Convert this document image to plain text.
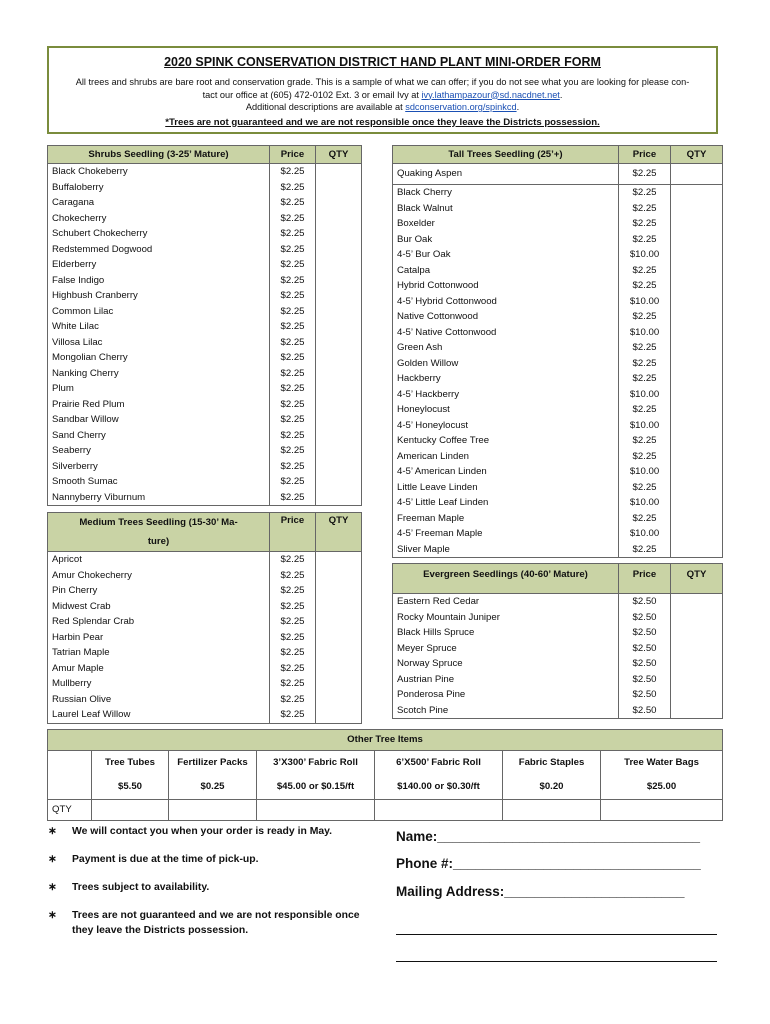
2020 SPINK CONSERVATION DISTRICT HAND PLANT MINI-ORDER FORM
All trees and shrubs are bare root and conservation grade. This is a sample of what we can offer; if you do not see what you are looking for please con-
tact our office at (605) 472-0102 Ext. 3 or email Ivy at ivy.lathampazour@sd.nacdnet.net.
Additional descriptions are available at sdconservation.org/spinkcd.
*Trees are not guaranteed and we are not responsible once they leave the Districts possession.
Shrubs Seedling (3-25’ Mature)	Price	QTY
Black Chokeberry	$2.25	
Buffaloberry	$2.25	
Caragana	$2.25	
Chokecherry	$2.25	
Schubert Chokecherry	$2.25	
Redstemmed Dogwood	$2.25	
Elderberry	$2.25	
False Indigo	$2.25	
Highbush Cranberry	$2.25	
Common Lilac	$2.25	
White Lilac	$2.25	
Villosa Lilac	$2.25	
Mongolian Cherry	$2.25	
Nanking Cherry	$2.25	
Plum	$2.25	
Prairie Red Plum	$2.25	
Sandbar Willow	$2.25	
Sand Cherry	$2.25	
Seaberry	$2.25	
Silverberry	$2.25	
Smooth Sumac	$2.25	
Nannyberry Viburnum	$2.25	
Medium Trees Seedling (15-30’ Ma-
ture)	Price	QTY
Apricot	$2.25	
Amur Chokecherry	$2.25	
Pin Cherry	$2.25	
Midwest Crab	$2.25	
Red Splendar Crab	$2.25	
Harbin Pear	$2.25	
Tatrian Maple	$2.25	
Amur Maple	$2.25	
Mullberry	$2.25	
Russian Olive	$2.25	
Laurel Leaf Willow	$2.25	
Tall Trees Seedling (25’+)	Price	QTY
Quaking Aspen	$2.25	
Black Cherry	$2.25	
Black Walnut	$2.25	
Boxelder	$2.25	
Bur Oak	$2.25	
4-5’ Bur Oak	$10.00	
Catalpa	$2.25	
Hybrid Cottonwood	$2.25	
4-5’ Hybrid Cottonwood	$10.00	
Native Cottonwood	$2.25	
4-5’ Native Cottonwood	$10.00	
Green Ash	$2.25	
Golden Willow	$2.25	
Hackberry	$2.25	
4-5’ Hackberry	$10.00	
Honeylocust	$2.25	
4-5’ Honeylocust	$10.00	
Kentucky Coffee Tree	$2.25	
American Linden	$2.25	
4-5’ American Linden	$10.00	
Little Leave Linden	$2.25	
4-5’ Little Leaf Linden	$10.00	
Freeman Maple	$2.25	
4-5’ Freeman Maple	$10.00	
Sliver Maple	$2.25	
Evergreen Seedlings (40-60’ Mature)	Price	QTY
Eastern Red Cedar	$2.50	
Rocky Mountain Juniper	$2.50	
Black Hills Spruce	$2.50	
Meyer Spruce	$2.50	
Norway Spruce	$2.50	
Austrian Pine	$2.50	
Ponderosa Pine	$2.50	
Scotch Pine	$2.50	
Other Tree Items						
	Tree Tubes	Fertilizer Packs	3’X300’ Fabric Roll	6’X500’ Fabric Roll	Fabric Staples	Tree Water Bags
	$5.50	$0.25	$45.00 or $0.15/ft	$140.00 or $0.30/ft	$0.20	$25.00
QTY						
∗ We will contact you when your order is ready in May.
∗ Payment is due at the time of pick-up.
∗ Trees subject to availability.
∗ Trees are not guaranteed and we are not responsible once they leave the Districts possession.
Name:___________________________________
Phone #:_________________________________
Mailing Address:________________________
